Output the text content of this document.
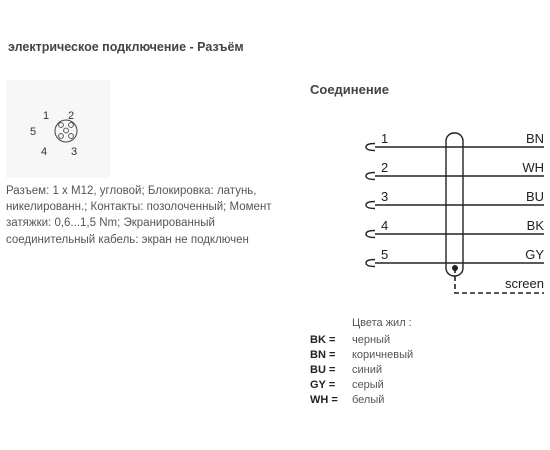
электрическое подключение - Разъём
1 2
3
4
5
Разъем: 1 x M12, угловой; Блокировка: латунь, никелированн.; Контакты: позолоченный; Момент затяжки: 0,6...1,5 Nm; Экранированный соединительный кабель: экран не подключен
Соединение
1	BN
2	WH
3	BU
4	BK
5	GY
screen
Цвета жил :
BK =	черный
BN =	коричневый
BU =	синий
GY =	серый
WH =	белый
